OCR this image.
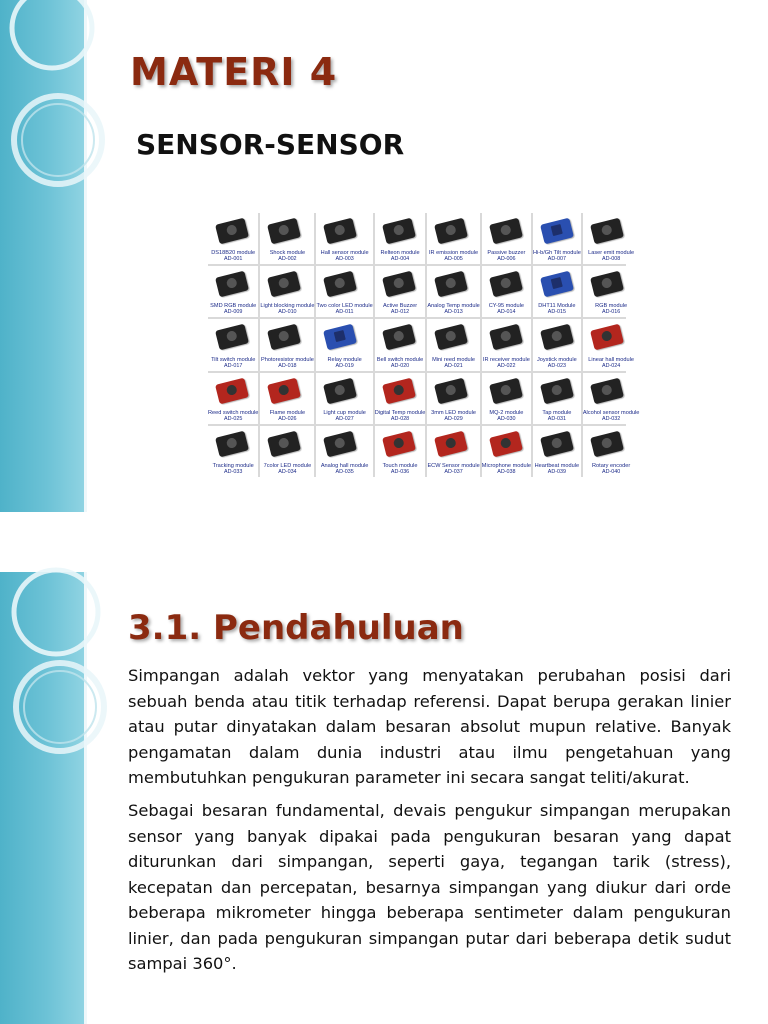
MATERI 4
SENSOR-SENSOR
DS18B20 module
AD-001
Shock module
AD-002
Hall sensor module
AD-003
Relteon module
AD-004
IR emission module
AD-005
Passive buzzer
AD-006
Hi-b/Gh Tilt module
AD-007
Laser emit module
AD-008
SMD RGB module
AD-009
Light blocking module
AD-010
Two color LED module
AD-011
Active Buzzer
AD-012
Analog Temp module
AD-013
CY-95 module
AD-014
DHT11 Module
AD-015
RGB module
AD-016
Tilt switch module
AD-017
Photoresistor module
AD-018
Relay module
AD-019
Bell switch module
AD-020
Mini reed module
AD-021
IR receiver module
AD-022
Joystick module
AD-023
Linear hall module
AD-024
Reed switch module
AD-025
Flame module
AD-026
Light cup module
AD-027
Digital Temp module
AD-028
3mm LED module
AD-029
MQ-2 module
AD-030
Tap module
AD-031
Alcohol sensor module
AD-032
Tracking module
AD-033
7color LED module
AD-034
Analog hall module
AD-035
Touch module
AD-036
ECW Sensor module
AD-037
Microphone module
AD-038
Heartbeat module
AD-039
Rotary encoder
AD-040

3.1. Pendahuluan

Simpangan adalah vektor yang menyatakan perubahan posisi dari sebuah benda atau titik terhadap referensi. Dapat berupa gerakan linier atau putar dinyatakan dalam besaran absolut mupun relative. Banyak pengamatan dalam dunia industri atau ilmu pengetahuan yang membutuhkan pengukuran parameter ini secara sangat teliti/akurat.

Sebagai besaran fundamental, devais pengukur simpangan merupakan sensor yang banyak dipakai pada pengukuran besaran yang dapat diturunkan dari simpangan, seperti gaya, tegangan tarik (stress), kecepatan dan percepatan, besarnya simpangan yang diukur dari orde beberapa mikrometer hingga beberapa sentimeter dalam pengukuran linier, dan pada pengukuran simpangan putar dari beberapa detik sudut sampai 360°.
